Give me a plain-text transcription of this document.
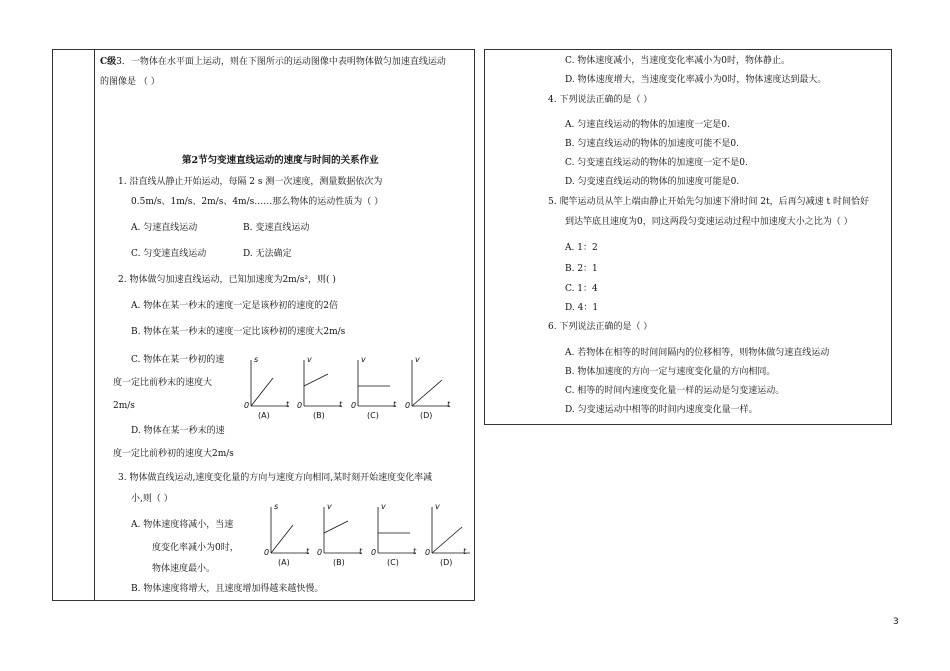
C级3．一物体在水平面上运动，则在下图所示的运动图像中表明物体做匀加速直线运动
的图像是 （ ）
第2节匀变速直线运动的速度与时间的关系作业
1. 沿直线从静止开始运动，每隔 2 s 测一次速度，测量数据依次为
0.5m/s、1m/s、2m/s、4m/s……那么物体的运动性质为（ ）
A. 匀速直线运动	B. 变速直线运动
C. 匀变速直线运动	D. 无法确定
2. 物体做匀加速直线运动，已知加速度为2m/s²，则( )
A. 物体在某一秒末的速度一定是该秒初的速度的2倍
B. 物体在某一秒末的速度一定比该秒初的速度大2m/s
C. 物体在某一秒初的速
度一定比前秒末的速度大
2m/s
D. 物体在某一秒末的速
度一定比前秒初的速度大2m/s
3. 物体做直线运动,速度变化量的方向与速度方向相同,某时刻开始速度变化率减
小,则（ ）
A. 物体速度将减小，当速
度变化率减小为0时，
物体速度最小。
B. 物体速度将增大，且速度增加得越来越快慢。
s	v	v	v
0	0	0	0
t	t	t	t
(A)	(B)	(C)	(D)
s	v	v	v
0	0	0	0
t	t	t	t
(A)	(B)	(C)	(D)
C. 物体速度减小，当速度变化率减小为0时，物体静止。
D. 物体速度增大，当速度变化率减小为0时，物体速度达到最大。
4. 下列说法正确的是（ ）
A. 匀速直线运动的物体的加速度一定是0.
B. 匀速直线运动的物体的加速度可能不是0.
C. 匀变速直线运动的物体的加速度一定不是0.
D. 匀变速直线运动的物体的加速度可能是0.
5. 爬竿运动员从竿上端由静止开始先匀加速下滑时间 2t，后再匀减速 t 时间恰好
到达竿底且速度为0，同这两段匀变速运动过程中加速度大小之比为（ ）
A. 1：2
B. 2：1
C. 1：4
D. 4：1
6. 下列说法正确的是（ ）
A. 若物体在相等的时间间隔内的位移相等，则物体做匀速直线运动
B. 物体加速度的方向一定与速度变化量的方向相同。
C. 相等的时间内速度变化量一样的运动是匀变速运动。
D. 匀变速运动中相等的时间内速度变化量一样。
3
